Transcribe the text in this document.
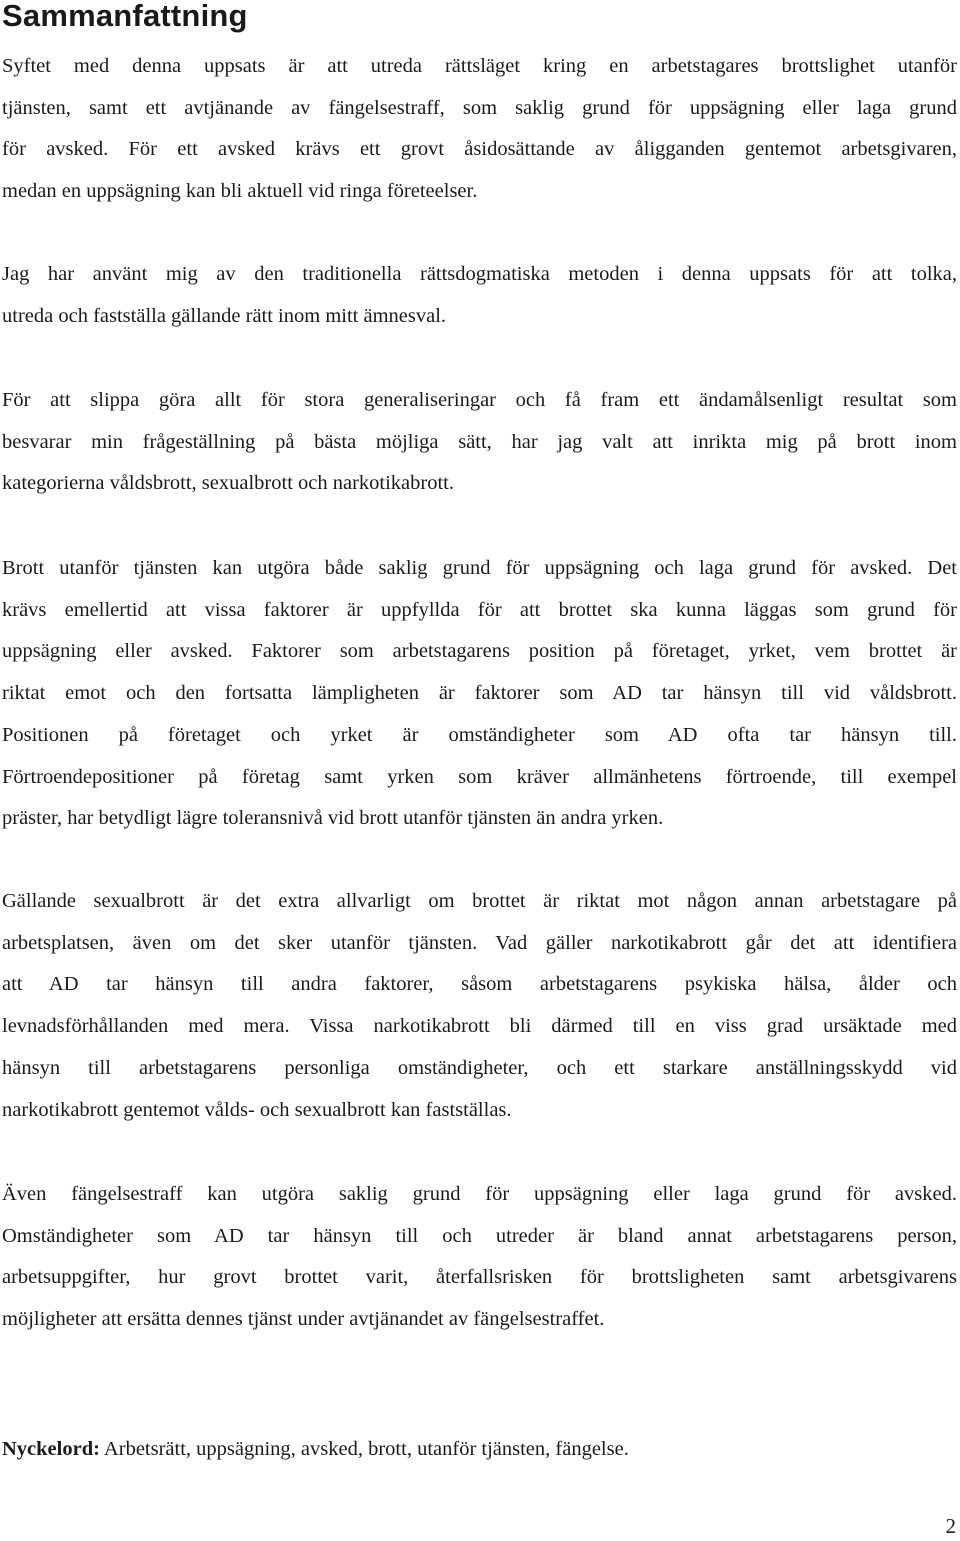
Sammanfattning

Syftet med denna uppsats är att utreda rättsläget kring en arbetstagares brottslighet utanför
tjänsten, samt ett avtjänande av fängelsestraff, som saklig grund för uppsägning eller laga grund
för avsked. För ett avsked krävs ett grovt åsidosättande av åligganden gentemot arbetsgivaren,
medan en uppsägning kan bli aktuell vid ringa företeelser.

Jag har använt mig av den traditionella rättsdogmatiska metoden i denna uppsats för att tolka,
utreda och fastställa gällande rätt inom mitt ämnesval.

För att slippa göra allt för stora generaliseringar och få fram ett ändamålsenligt resultat som
besvarar min frågeställning på bästa möjliga sätt, har jag valt att inrikta mig på brott inom
kategorierna våldsbrott, sexualbrott och narkotikabrott.

Brott utanför tjänsten kan utgöra både saklig grund för uppsägning och laga grund för avsked. Det
krävs emellertid att vissa faktorer är uppfyllda för att brottet ska kunna läggas som grund för
uppsägning eller avsked. Faktorer som arbetstagarens position på företaget, yrket, vem brottet är
riktat emot och den fortsatta lämpligheten är faktorer som AD tar hänsyn till vid våldsbrott.
Positionen på företaget och yrket är omständigheter som AD ofta tar hänsyn till.
Förtroendepositioner på företag samt yrken som kräver allmänhetens förtroende, till exempel
präster, har betydligt lägre toleransnivå vid brott utanför tjänsten än andra yrken.

Gällande sexualbrott är det extra allvarligt om brottet är riktat mot någon annan arbetstagare på
arbetsplatsen, även om det sker utanför tjänsten. Vad gäller narkotikabrott går det att identifiera
att AD tar hänsyn till andra faktorer, såsom arbetstagarens psykiska hälsa, ålder och
levnadsförhållanden med mera. Vissa narkotikabrott bli därmed till en viss grad ursäktade med
hänsyn till arbetstagarens personliga omständigheter, och ett starkare anställningsskydd vid
narkotikabrott gentemot vålds- och sexualbrott kan fastställas.

Även fängelsestraff kan utgöra saklig grund för uppsägning eller laga grund för avsked.
Omständigheter som AD tar hänsyn till och utreder är bland annat arbetstagarens person,
arbetsuppgifter, hur grovt brottet varit, återfallsrisken för brottsligheten samt arbetsgivarens
möjligheter att ersätta dennes tjänst under avtjänandet av fängelsestraffet.

Nyckelord: Arbetsrätt, uppsägning, avsked, brott, utanför tjänsten, fängelse.

2
